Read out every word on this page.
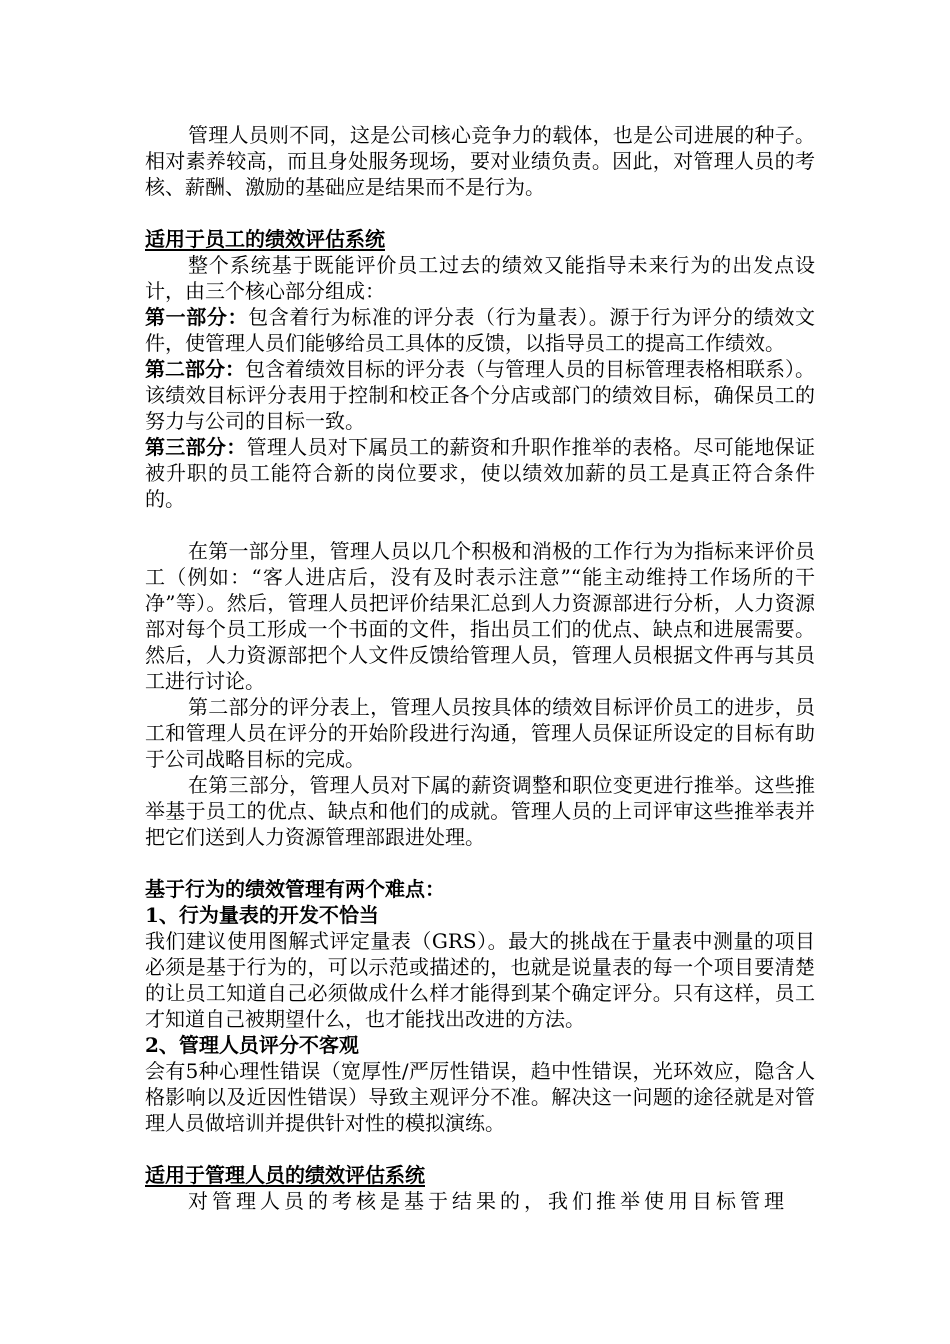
管理人员则不同，这是公司核心竞争力的载体，也是公司进展的种子。相对素养较高，而且身处服务现场，要对业绩负责。因此，对管理人员的考核、薪酬、激励的基础应是结果而不是行为。

适用于员工的绩效评估系统

整个系统基于既能评价员工过去的绩效又能指导未来行为的出发点设计，由三个核心部分组成：

第一部分：包含着行为标准的评分表（行为量表）。源于行为评分的绩效文件，使管理人员们能够给员工具体的反馈，以指导员工的提高工作绩效。

第二部分：包含着绩效目标的评分表（与管理人员的目标管理表格相联系）。该绩效目标评分表用于控制和校正各个分店或部门的绩效目标，确保员工的努力与公司的目标一致。

第三部分：管理人员对下属员工的薪资和升职作推举的表格。尽可能地保证被升职的员工能符合新的岗位要求，使以绩效加薪的员工是真正符合条件的。

在第一部分里，管理人员以几个积极和消极的工作行为为指标来评价员工（例如：“客人进店后，没有及时表示注意”“能主动维持工作场所的干净”等）。然后，管理人员把评价结果汇总到人力资源部进行分析，人力资源部对每个员工形成一个书面的文件，指出员工们的优点、缺点和进展需要。然后，人力资源部把个人文件反馈给管理人员，管理人员根据文件再与其员工进行讨论。

第二部分的评分表上，管理人员按具体的绩效目标评价员工的进步，员工和管理人员在评分的开始阶段进行沟通，管理人员保证所设定的目标有助于公司战略目标的完成。

在第三部分，管理人员对下属的薪资调整和职位变更进行推举。这些推举基于员工的优点、缺点和他们的成就。管理人员的上司评审这些推举表并把它们送到人力资源管理部跟进处理。

基于行为的绩效管理有两个难点：

1、行为量表的开发不恰当

我们建议使用图解式评定量表（GRS）。最大的挑战在于量表中测量的项目必须是基于行为的，可以示范或描述的，也就是说量表的每一个项目要清楚的让员工知道自己必须做成什么样才能得到某个确定评分。只有这样，员工才知道自己被期望什么，也才能找出改进的方法。

2、管理人员评分不客观

会有5种心理性错误（宽厚性/严厉性错误，趋中性错误，光环效应，隐含人格影响以及近因性错误）导致主观评分不准。解决这一问题的途径就是对管理人员做培训并提供针对性的模拟演练。

适用于管理人员的绩效评估系统

对管理人员的考核是基于结果的，我们推举使用目标管理
